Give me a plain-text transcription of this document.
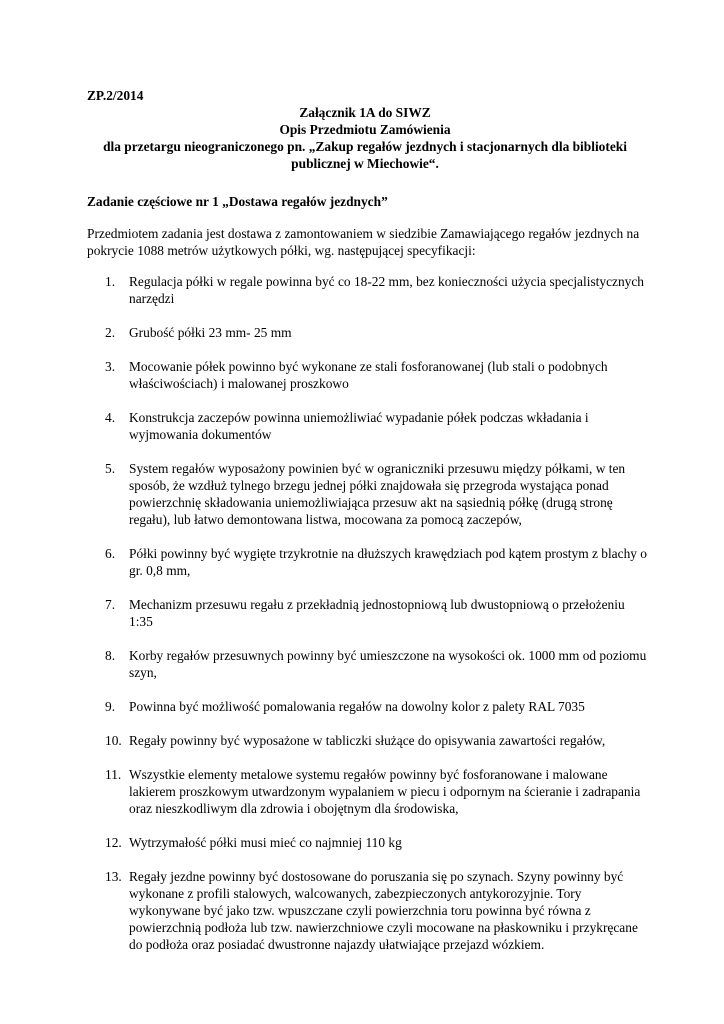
ZP.2/2014
Załącznik 1A do SIWZ
Opis Przedmiotu Zamówienia
dla przetargu nieograniczonego pn. „Zakup regałów jezdnych i stacjonarnych dla biblioteki
publicznej w Miechowie“.
Zadanie częściowe nr 1 „Dostawa regałów jezdnych”
Przedmiotem zadania jest dostawa z zamontowaniem w siedzibie Zamawiającego regałów jezdnych na pokrycie 1088 metrów użytkowych półki, wg. następującej specyfikacji:
1.	Regulacja półki w regale powinna być co 18-22 mm, bez konieczności użycia specjalistycznych narzędzi
2.	Grubość półki 23 mm- 25 mm
3.	Mocowanie półek powinno być wykonane ze stali fosforanowanej (lub stali o podobnych właściwościach) i malowanej proszkowo
4.	Konstrukcja zaczepów powinna uniemożliwiać wypadanie półek podczas wkładania i wyjmowania dokumentów
5.	System regałów wyposażony powinien być w ograniczniki przesuwu między półkami, w ten sposób, że wzdłuż tylnego brzegu jednej półki znajdowała się przegroda wystająca ponad powierzchnię składowania uniemożliwiająca przesuw akt na sąsiednią półkę (drugą stronę regału), lub łatwo demontowana listwa, mocowana za pomocą zaczepów,
6.	Półki powinny być wygięte trzykrotnie na dłuższych krawędziach pod kątem prostym z blachy o gr. 0,8 mm,
7.	Mechanizm przesuwu regału z przekładnią jednostopniową lub dwustopniową o przełożeniu 1:35
8.	Korby regałów przesuwnych powinny być umieszczone na wysokości ok. 1000 mm od poziomu szyn,
9.	Powinna być możliwość pomalowania regałów na dowolny kolor z palety RAL 7035
10. Regały powinny być wyposażone w tabliczki służące do opisywania zawartości regałów,
11. Wszystkie elementy metalowe systemu regałów powinny być fosforanowane i malowane lakierem proszkowym utwardzonym wypalaniem w piecu i odpornym na ścieranie i zadrapania oraz nieszkodliwym dla zdrowia i obojętnym dla środowiska,
12. Wytrzymałość półki musi mieć co najmniej 110 kg
13. Regały jezdne powinny być dostosowane do poruszania się po szynach. Szyny powinny być wykonane z profili stalowych, walcowanych, zabezpieczonych antykorozyjnie. Tory wykonywane być jako tzw. wpuszczane czyli powierzchnia toru powinna być równa z powierzchnią podłoża lub tzw. nawierzchniowe czyli mocowane na płaskowniku i przykręcane do podłoża oraz posiadać dwustronne najazdy ułatwiające przejazd wózkiem.
